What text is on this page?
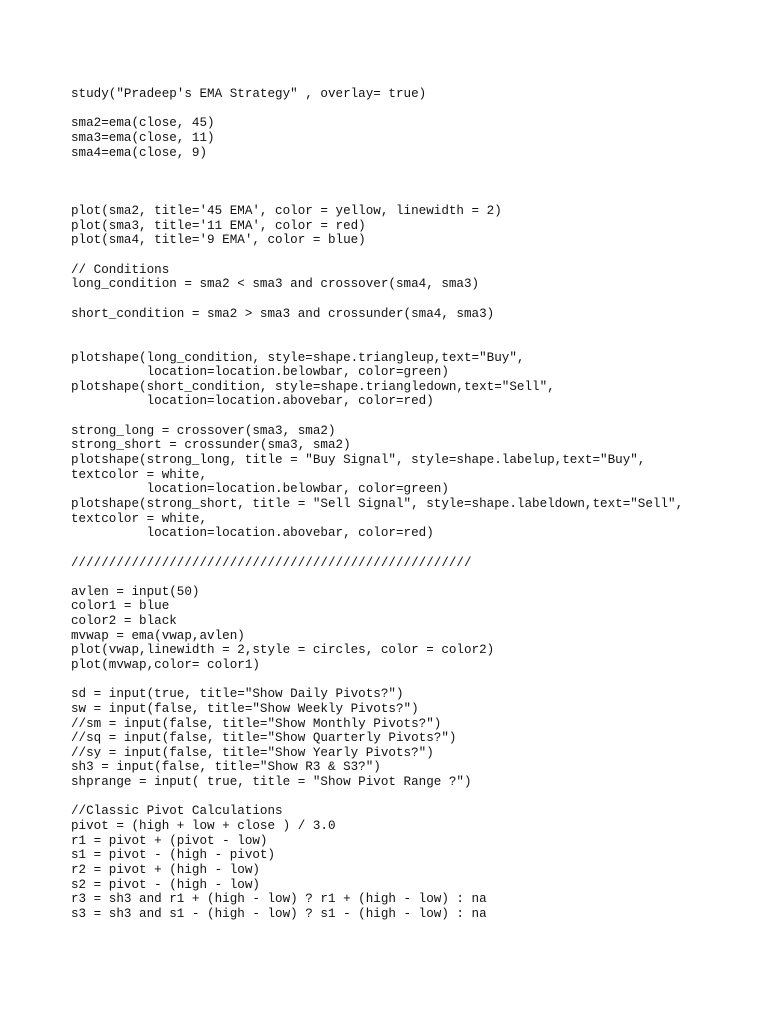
study("Pradeep's EMA Strategy" , overlay= true)
sma2=ema(close, 45)
sma3=ema(close, 11)
sma4=ema(close, 9)
plot(sma2, title='45 EMA', color = yellow, linewidth = 2)
plot(sma3, title='11 EMA', color = red)
plot(sma4, title='9 EMA', color = blue)
// Conditions
long_condition = sma2 < sma3 and crossover(sma4, sma3)
short_condition = sma2 > sma3 and crossunder(sma4, sma3)
plotshape(long_condition, style=shape.triangleup,text="Buy",
location=location.belowbar, color=green)
plotshape(short_condition, style=shape.triangledown,text="Sell",
location=location.abovebar, color=red)
strong_long = crossover(sma3, sma2)
strong_short = crossunder(sma3, sma2)
plotshape(strong_long, title = "Buy Signal", style=shape.labelup,text="Buy",
textcolor = white,
location=location.belowbar, color=green)
plotshape(strong_short, title = "Sell Signal", style=shape.labeldown,text="Sell",
textcolor = white,
location=location.abovebar, color=red)
/////////////////////////////////////////////////////
avlen = input(50)
color1 = blue
color2 = black
mvwap = ema(vwap,avlen)
plot(vwap,linewidth = 2,style = circles, color = color2)
plot(mvwap,color= color1)
sd = input(true, title="Show Daily Pivots?")
sw = input(false, title="Show Weekly Pivots?")
//sm = input(false, title="Show Monthly Pivots?")
//sq = input(false, title="Show Quarterly Pivots?")
//sy = input(false, title="Show Yearly Pivots?")
sh3 = input(false, title="Show R3 & S3?")
shprange = input( true, title = "Show Pivot Range ?")
//Classic Pivot Calculations
pivot = (high + low + close ) / 3.0
r1 = pivot + (pivot - low)
s1 = pivot - (high - pivot)
r2 = pivot + (high - low)
s2 = pivot - (high - low)
r3 = sh3 and r1 + (high - low) ? r1 + (high - low) : na
s3 = sh3 and s1 - (high - low) ? s1 - (high - low) : na
